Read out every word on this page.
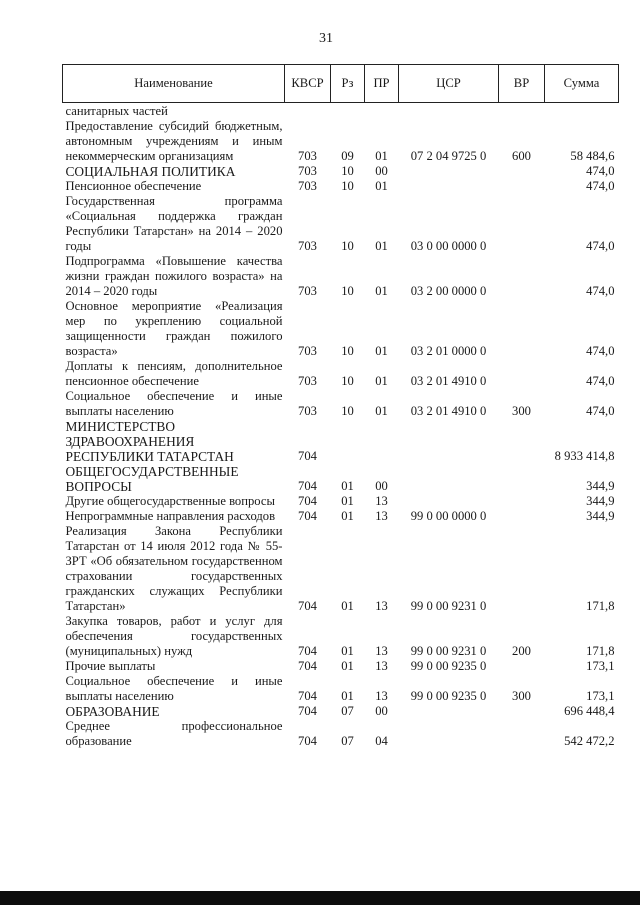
31
Наименование	КВСР	Рз	ПР	ЦСР	ВР	Сумма
санитарных частей						
Предоставление субсидий бюджетным, автономным учреждениям и иным некоммерческим организациям	703	09	01	07 2 04 9725 0	600	58 484,6
СОЦИАЛЬНАЯ ПОЛИТИКА	703	10	00			474,0
Пенсионное обеспечение	703	10	01			474,0
Государственная программа «Социальная поддержка граждан Республики Татарстан» на 2014 – 2020 годы	703	10	01	03 0 00 0000 0		474,0
Подпрограмма «Повышение качества жизни граждан пожилого возраста» на 2014 – 2020 годы	703	10	01	03 2 00 0000 0		474,0
Основное мероприятие «Реализация мер по укреплению социальной защищенности граждан пожилого возраста»	703	10	01	03 2 01 0000 0		474,0
Доплаты к пенсиям, дополнительное пенсионное обеспечение	703	10	01	03 2 01 4910 0		474,0
Социальное обеспечение и иные выплаты населению	703	10	01	03 2 01 4910 0	300	474,0
МИНИСТЕРСТВО ЗДРАВООХРАНЕНИЯ РЕСПУБЛИКИ ТАТАРСТАН	704					8 933 414,8
ОБЩЕГОСУДАРСТВЕННЫЕ ВОПРОСЫ	704	01	00			344,9
Другие общегосударственные вопросы	704	01	13			344,9
Непрограммные направления расходов	704	01	13	99 0 00 0000 0		344,9
Реализация Закона Республики Татарстан от 14 июля 2012 года № 55-ЗРТ «Об обязательном государственном страховании государственных гражданских служащих Республики Татарстан»	704	01	13	99 0 00 9231 0		171,8
Закупка товаров, работ и услуг для обеспечения государственных (муниципальных) нужд	704	01	13	99 0 00 9231 0	200	171,8
Прочие выплаты	704	01	13	99 0 00 9235 0		173,1
Социальное обеспечение и иные выплаты населению	704	01	13	99 0 00 9235 0	300	173,1
ОБРАЗОВАНИЕ	704	07	00			696 448,4
Среднее профессиональное образование	704	07	04			542 472,2
